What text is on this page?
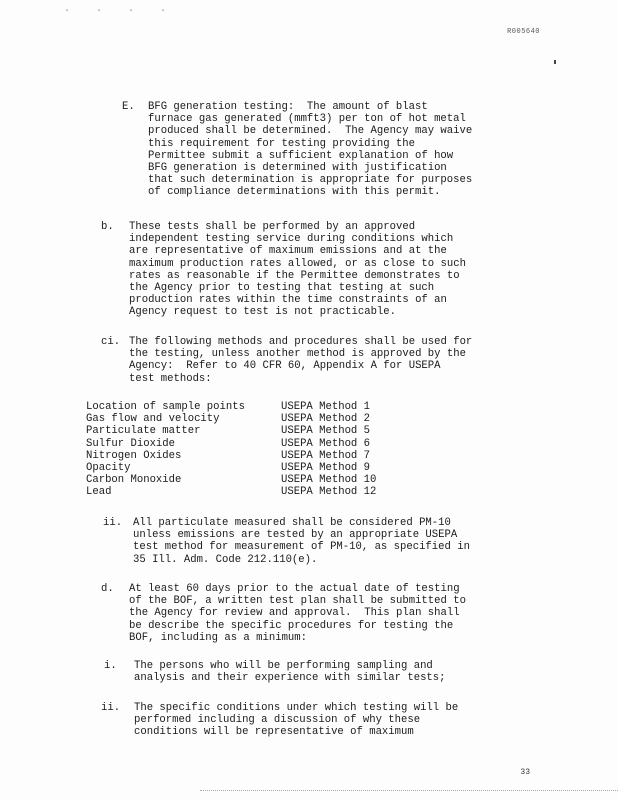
. . . .
R005640
E. BFG generation testing:  The amount of blast
furnace gas generated (mmft3) per ton of hot metal
produced shall be determined.  The Agency may waive
this requirement for testing providing the
Permittee submit a sufficient explanation of how
BFG generation is determined with justification
that such determination is appropriate for purposes
of compliance determinations with this permit.

b. These tests shall be performed by an approved
independent testing service during conditions which
are representative of maximum emissions and at the
maximum production rates allowed, or as close to such
rates as reasonable if the Permittee demonstrates to
the Agency prior to testing that testing at such
production rates within the time constraints of an
Agency request to test is not practicable.

ci. The following methods and procedures shall be used for
the testing, unless another method is approved by the
Agency:  Refer to 40 CFR 60, Appendix A for USEPA
test methods:

Location of sample points	USEPA Method 1
Gas flow and velocity	USEPA Method 2
Particulate matter	USEPA Method 5
Sulfur Dioxide	USEPA Method 6
Nitrogen Oxides	USEPA Method 7
Opacity	USEPA Method 9
Carbon Monoxide	USEPA Method 10
Lead	USEPA Method 12
ii. All particulate measured shall be considered PM-10
unless emissions are tested by an appropriate USEPA
test method for measurement of PM-10, as specified in
35 Ill. Adm. Code 212.110(e).

d. At least 60 days prior to the actual date of testing
of the BOF, a written test plan shall be submitted to
the Agency for review and approval.  This plan shall
be describe the specific procedures for testing the
BOF, including as a minimum:

i. The persons who will be performing sampling and
analysis and their experience with similar tests;

ii. The specific conditions under which testing will be
performed including a discussion of why these
conditions will be representative of maximum

33
